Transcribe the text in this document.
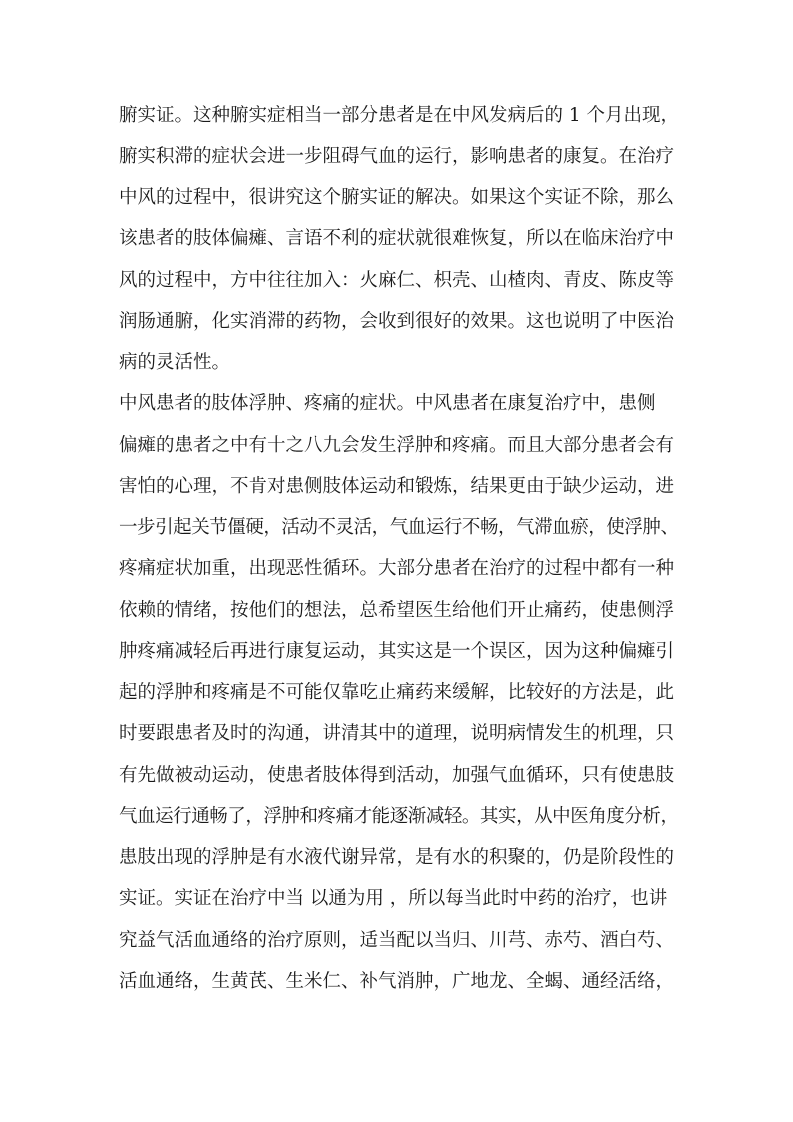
腑实证。这种腑实症相当一部分患者是在中风发病后的 1 个月出现，
腑实积滞的症状会进一步阻碍气血的运行，影响患者的康复。在治疗
中风的过程中，很讲究这个腑实证的解决。如果这个实证不除，那么
该患者的肢体偏瘫、言语不利的症状就很难恢复，所以在临床治疗中
风的过程中，方中往往加入：火麻仁、枳壳、山楂肉、青皮、陈皮等
润肠通腑，化实消滞的药物，会收到很好的效果。这也说明了中医治
病的灵活性。
中风患者的肢体浮肿、疼痛的症状。中风患者在康复治疗中，患侧
偏瘫的患者之中有十之八九会发生浮肿和疼痛。而且大部分患者会有
害怕的心理，不肯对患侧肢体运动和锻炼，结果更由于缺少运动，进
一步引起关节僵硬，活动不灵活，气血运行不畅，气滞血瘀，使浮肿、
疼痛症状加重，出现恶性循环。大部分患者在治疗的过程中都有一种
依赖的情绪，按他们的想法，总希望医生给他们开止痛药，使患侧浮
肿疼痛减轻后再进行康复运动，其实这是一个误区，因为这种偏瘫引
起的浮肿和疼痛是不可能仅靠吃止痛药来缓解，比较好的方法是，此
时要跟患者及时的沟通，讲清其中的道理，说明病情发生的机理，只
有先做被动运动，使患者肢体得到活动，加强气血循环，只有使患肢
气血运行通畅了，浮肿和疼痛才能逐渐减轻。其实，从中医角度分析，
患肢出现的浮肿是有水液代谢异常，是有水的积聚的，仍是阶段性的
实证。实证在治疗中当 以通为用 ，所以每当此时中药的治疗，也讲
究益气活血通络的治疗原则，适当配以当归、川芎、赤芍、酒白芍、
活血通络，生黄芪、生米仁、补气消肿，广地龙、全蝎、通经活络，
